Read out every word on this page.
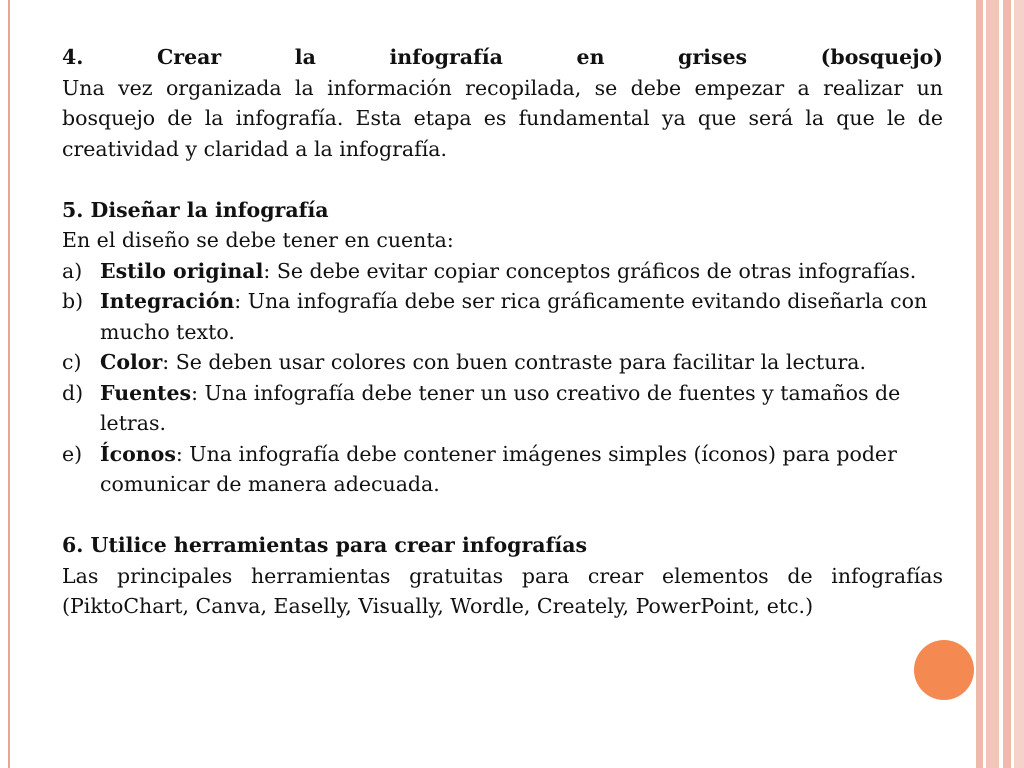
4. Crear la infografía en grises (bosquejo)

Una vez organizada la información recopilada, se debe empezar a realizar un bosquejo de la infografía. Esta etapa es fundamental ya que será la que le de creatividad y claridad a la infografía.

5. Diseñar la infografía

En el diseño se debe tener en cuenta:

a) Estilo original: Se debe evitar copiar conceptos gráficos de otras infografías.
b) Integración: Una infografía debe ser rica gráficamente evitando diseñarla con mucho texto.
c) Color: Se deben usar colores con buen contraste para facilitar la lectura.
d) Fuentes: Una infografía debe tener un uso creativo de fuentes y tamaños de letras.
e) Íconos: Una infografía debe contener imágenes simples (íconos) para poder comunicar de manera adecuada.

6. Utilice herramientas para crear infografías

Las principales herramientas gratuitas para crear elementos de infografías (PiktoChart, Canva, Easelly, Visually, Wordle, Creately, PowerPoint, etc.)
